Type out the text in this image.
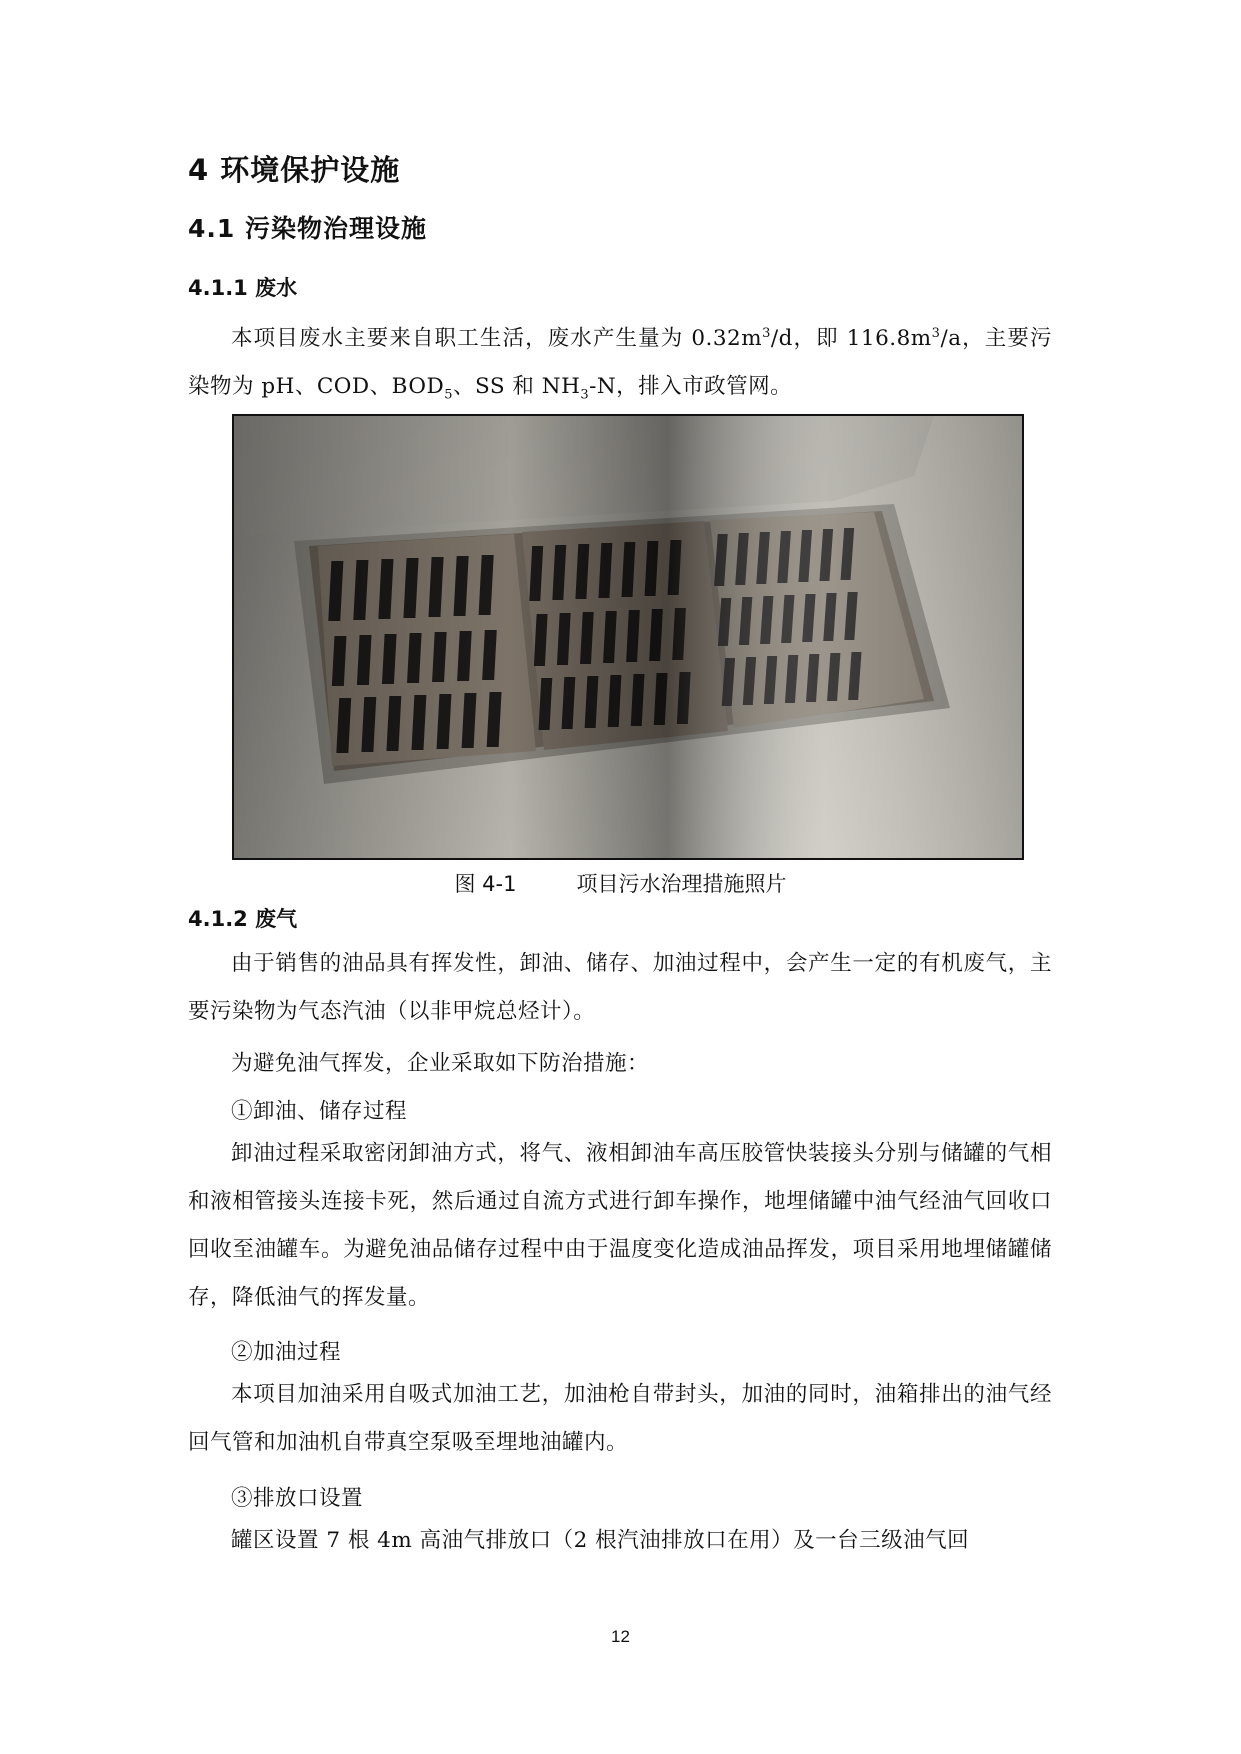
4 环境保护设施
4.1 污染物治理设施
4.1.1 废水

本项目废水主要来自职工生活，废水产生量为 $0.32m^3/d$，即 $116.8m^3/a$，主要污染物为 pH、COD、$BOD_5$、SS 和 $NH_3-N$，排入市政管网。

图 4-1	项目污水治理措施照片
4.1.2 废气

由于销售的油品具有挥发性，卸油、储存、加油过程中，会产生一定的有机废气，主要污染物为气态汽油（以非甲烷总烃计）。

为避免油气挥发，企业采取如下防治措施：

①卸油、储存过程

卸油过程采取密闭卸油方式，将气、液相卸油车高压胶管快装接头分别与储罐的气相和液相管接头连接卡死，然后通过自流方式进行卸车操作，地埋储罐中油气经油气回收口回收至油罐车。为避免油品储存过程中由于温度变化造成油品挥发，项目采用地埋储罐储存，降低油气的挥发量。

②加油过程

本项目加油采用自吸式加油工艺，加油枪自带封头，加油的同时，油箱排出的油气经回气管和加油机自带真空泵吸至埋地油罐内。

③排放口设置

罐区设置 7 根 4m 高油气排放口（2 根汽油排放口在用）及一台三级油气回

12
